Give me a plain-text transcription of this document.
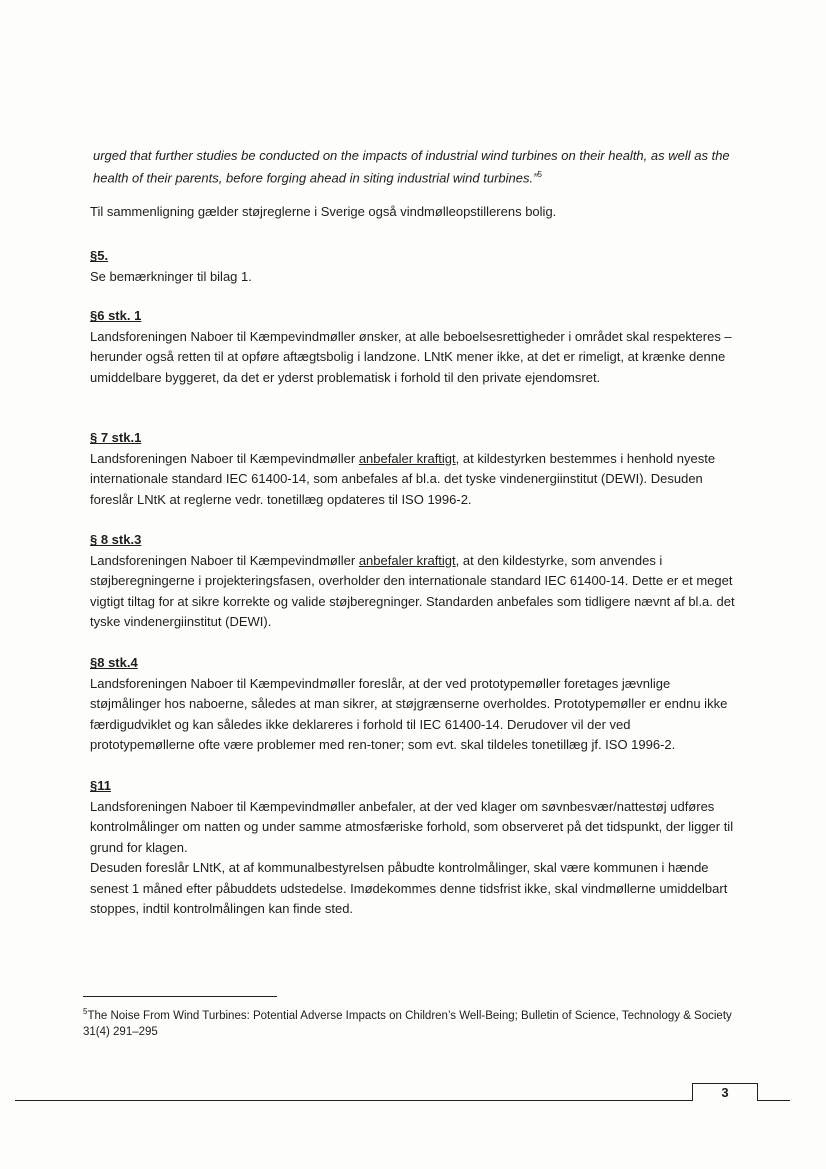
urged that further studies be conducted on the impacts of industrial wind turbines on their health, as well as the health of their parents, before forging ahead in siting industrial wind turbines.”$^5$

Til sammenligning gælder støjreglerne i Sverige også vindmølleopstillerens bolig.

§5.

Se bemærkninger til bilag 1.

§6 stk. 1

Landsforeningen Naboer til Kæmpevindmøller ønsker, at alle beboelsesrettigheder i området skal respekteres – herunder også retten til at opføre aftægtsbolig i landzone. LNtK mener ikke, at det er rimeligt, at krænke denne umiddelbare byggeret, da det er yderst problematisk i forhold til den private ejendomsret.

§ 7 stk.1

Landsforeningen Naboer til Kæmpevindmøller anbefaler kraftigt, at kildestyrken bestemmes i henhold nyeste internationale standard IEC 61400-14, som anbefales af bl.a. det tyske vindenergiinstitut (DEWI). Desuden foreslår LNtK at reglerne vedr. tonetillæg opdateres til ISO 1996-2.

§ 8 stk.3

Landsforeningen Naboer til Kæmpevindmøller anbefaler kraftigt, at den kildestyrke, som anvendes i støjberegningerne i projekteringsfasen, overholder den internationale standard IEC 61400-14. Dette er et meget vigtigt tiltag for at sikre korrekte og valide støjberegninger. Standarden anbefales som tidligere nævnt af bl.a. det tyske vindenergiinstitut (DEWI).

§8 stk.4

Landsforeningen Naboer til Kæmpevindmøller foreslår, at der ved prototypemøller foretages jævnlige støjmålinger hos naboerne, således at man sikrer, at støjgrænserne overholdes. Prototypemøller er endnu ikke færdigudviklet og kan således ikke deklareres i forhold til IEC 61400-14. Derudover vil der ved prototypemøllerne ofte være problemer med ren-toner; som evt. skal tildeles tonetillæg jf. ISO 1996-2.

§11

Landsforeningen Naboer til Kæmpevindmøller anbefaler, at der ved klager om søvnbesvær/nattestøj udføres kontrolmålinger om natten og under samme atmosfæriske forhold, som observeret på det tidspunkt, der ligger til grund for klagen.

Desuden foreslår LNtK, at af kommunalbestyrelsen påbudte kontrolmålinger, skal være kommunen i hænde senest 1 måned efter påbuddets udstedelse. Imødekommes denne tidsfrist ikke, skal vindmøllerne umiddelbart stoppes, indtil kontrolmålingen kan finde sted.

$^5$The Noise From Wind Turbines: Potential Adverse Impacts on Children’s Well-Being; Bulletin of Science, Technology & Society 31(4) 291–295

3
